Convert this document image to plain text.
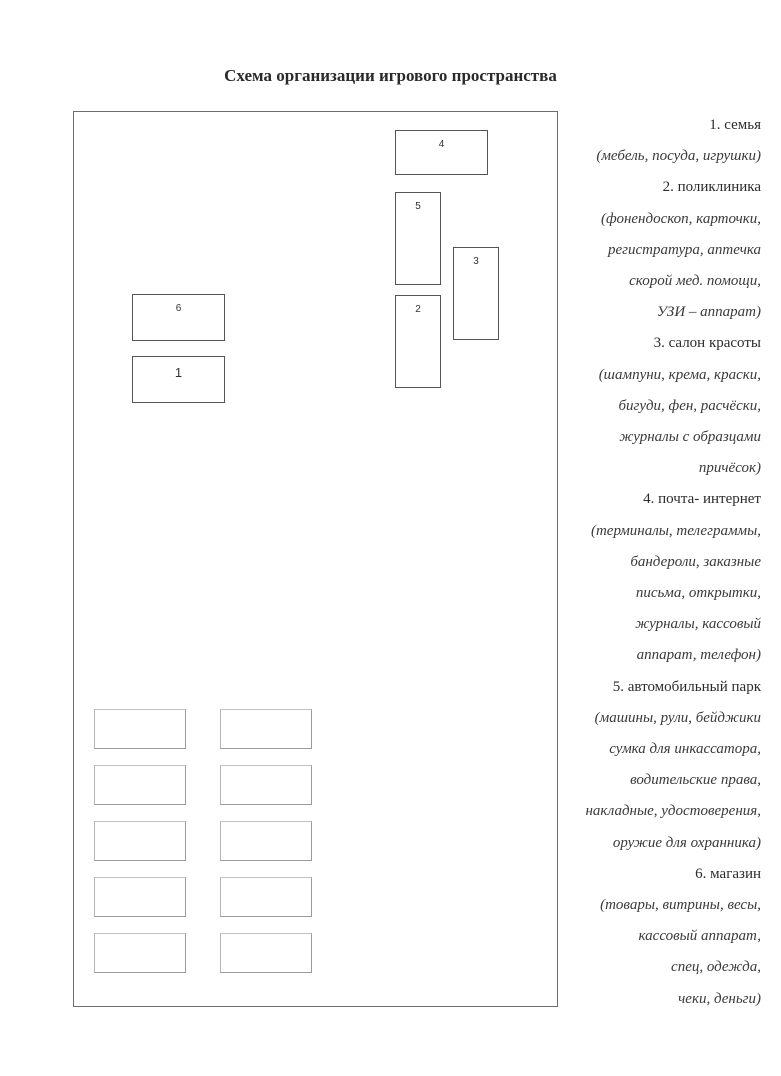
Схема организации игрового пространства
4
5
3
2
6
1
1. семья
(мебель, посуда, игрушки)
2. поликлиника
(фонендоскоп, карточки,
регистратура, аптечка
скорой мед. помощи,
УЗИ – аппарат)
3. салон красоты
(шампуни, крема, краски,
бигуди, фен, расчёски,
журналы с образцами
причёсок)
4. почта- интернет
(терминалы, телеграммы,
бандероли, заказные
письма, открытки,
журналы, кассовый
аппарат, телефон)
5. автомобильный парк
(машины, рули, бейджики
сумка для инкассатора,
водительские права,
накладные, удостоверения,
оружие для охранника)
6. магазин
(товары, витрины, весы,
кассовый аппарат,
спец, одежда,
чеки, деньги)
